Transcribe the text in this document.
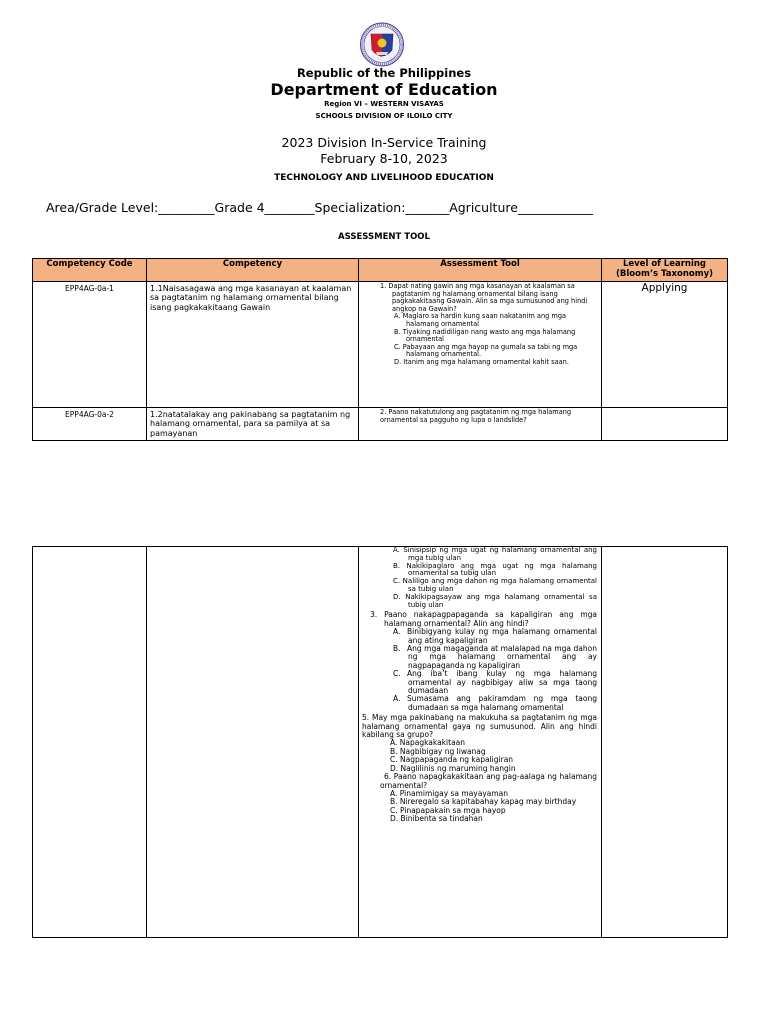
Republic of the Philippines
Department of Education
Region VI – WESTERN VISAYAS
SCHOOLS DIVISION OF ILOILO CITY
2023 Division In-Service Training
February 8-10, 2023
TECHNOLOGY AND LIVELIHOOD EDUCATION
Area/Grade Level:_________Grade 4________Specialization:_______Agriculture____________
ASSESSMENT TOOL
Competency Code	Competency	Assessment Tool	Level of Learning (Bloom’s Taxonomy)
EPP4AG-0a-1	1.1Naisasagawa ang mga kasanayan at kaalaman sa pagtatanim ng halamang ornamental bilang isang pagkakakitaang Gawain	1. Dapat nating gawin ang mga kasanayan at kaalaman sa pagtatanim ng halamang ornamental bilang isang pagkakakitaang Gawain. Alin sa mga sumusunod ang hindi angkop na Gawain?
A. Maglaro sa hardin kung saan nakatanim ang mga halamang ornamental
B. Tiyaking nadidiligan nang wasto ang mga halamang ornamental
C. Pabayaan ang mga hayop na gumala sa tabi ng mga halamang ornamental.
D. Itanim ang mga halamang ornamental kahit saan.	Applying
EPP4AG-0a-2	1.2natatalakay ang pakinabang sa pagtatanim ng halamang ornamental, para sa pamilya at sa pamayanan	2. Paano nakatutulong ang pagtatanim ng mga halamang
ornamental sa pagguho ng lupa o landslide?	

A. Sinisipsip ng mga ugat ng halamang ornamental ang mga tubig ulan
B. Nakikipaglaro ang mga ugat ng mga halamang ornamental sa tubig ulan
C. Naliligo ang mga dahon ng mga halamang ornamental sa tubig ulan
D. Nakikipagsayaw ang mga halamang ornamental sa tubig ulan
3. Paano nakapagpapaganda sa kapaligiran ang mga halamang ornamental? Alin ang hindi?
A. Binibigyang kulay ng mga halamang ornamental ang ating kapaligiran
B. Ang mga magaganda at malalapad na mga dahon ng mga halamang ornamental ang ay nagpapaganda ng kapaligiran
C. Ang iba’t ibang kulay ng mga halamang ornamental ay nagbibigay aliw sa mga taong dumadaan
A. Sumasama ang pakiramdam ng mga taong dumadaan sa mga halamang ornamental
5. May mga pakinabang na makukuha sa pagtatanim ng mga halamang ornamental gaya ng sumusunod. Alin ang hindi kabilang sa grupo?
A. Napagkakakitaan
B. Nagbibigay ng liwanag
C. Nagpapaganda ng kapaligiran
D. Naglilinis ng maruming hangin
6. Paano napagkakakitaan ang pag-aalaga ng halamang ornamental?
A. Pinamimigay sa mayayaman
B. Nireregalo sa kapitabahay kapag may birthday
C. Pinapapakain sa mga hayop
D. Binibenta sa tindahan
